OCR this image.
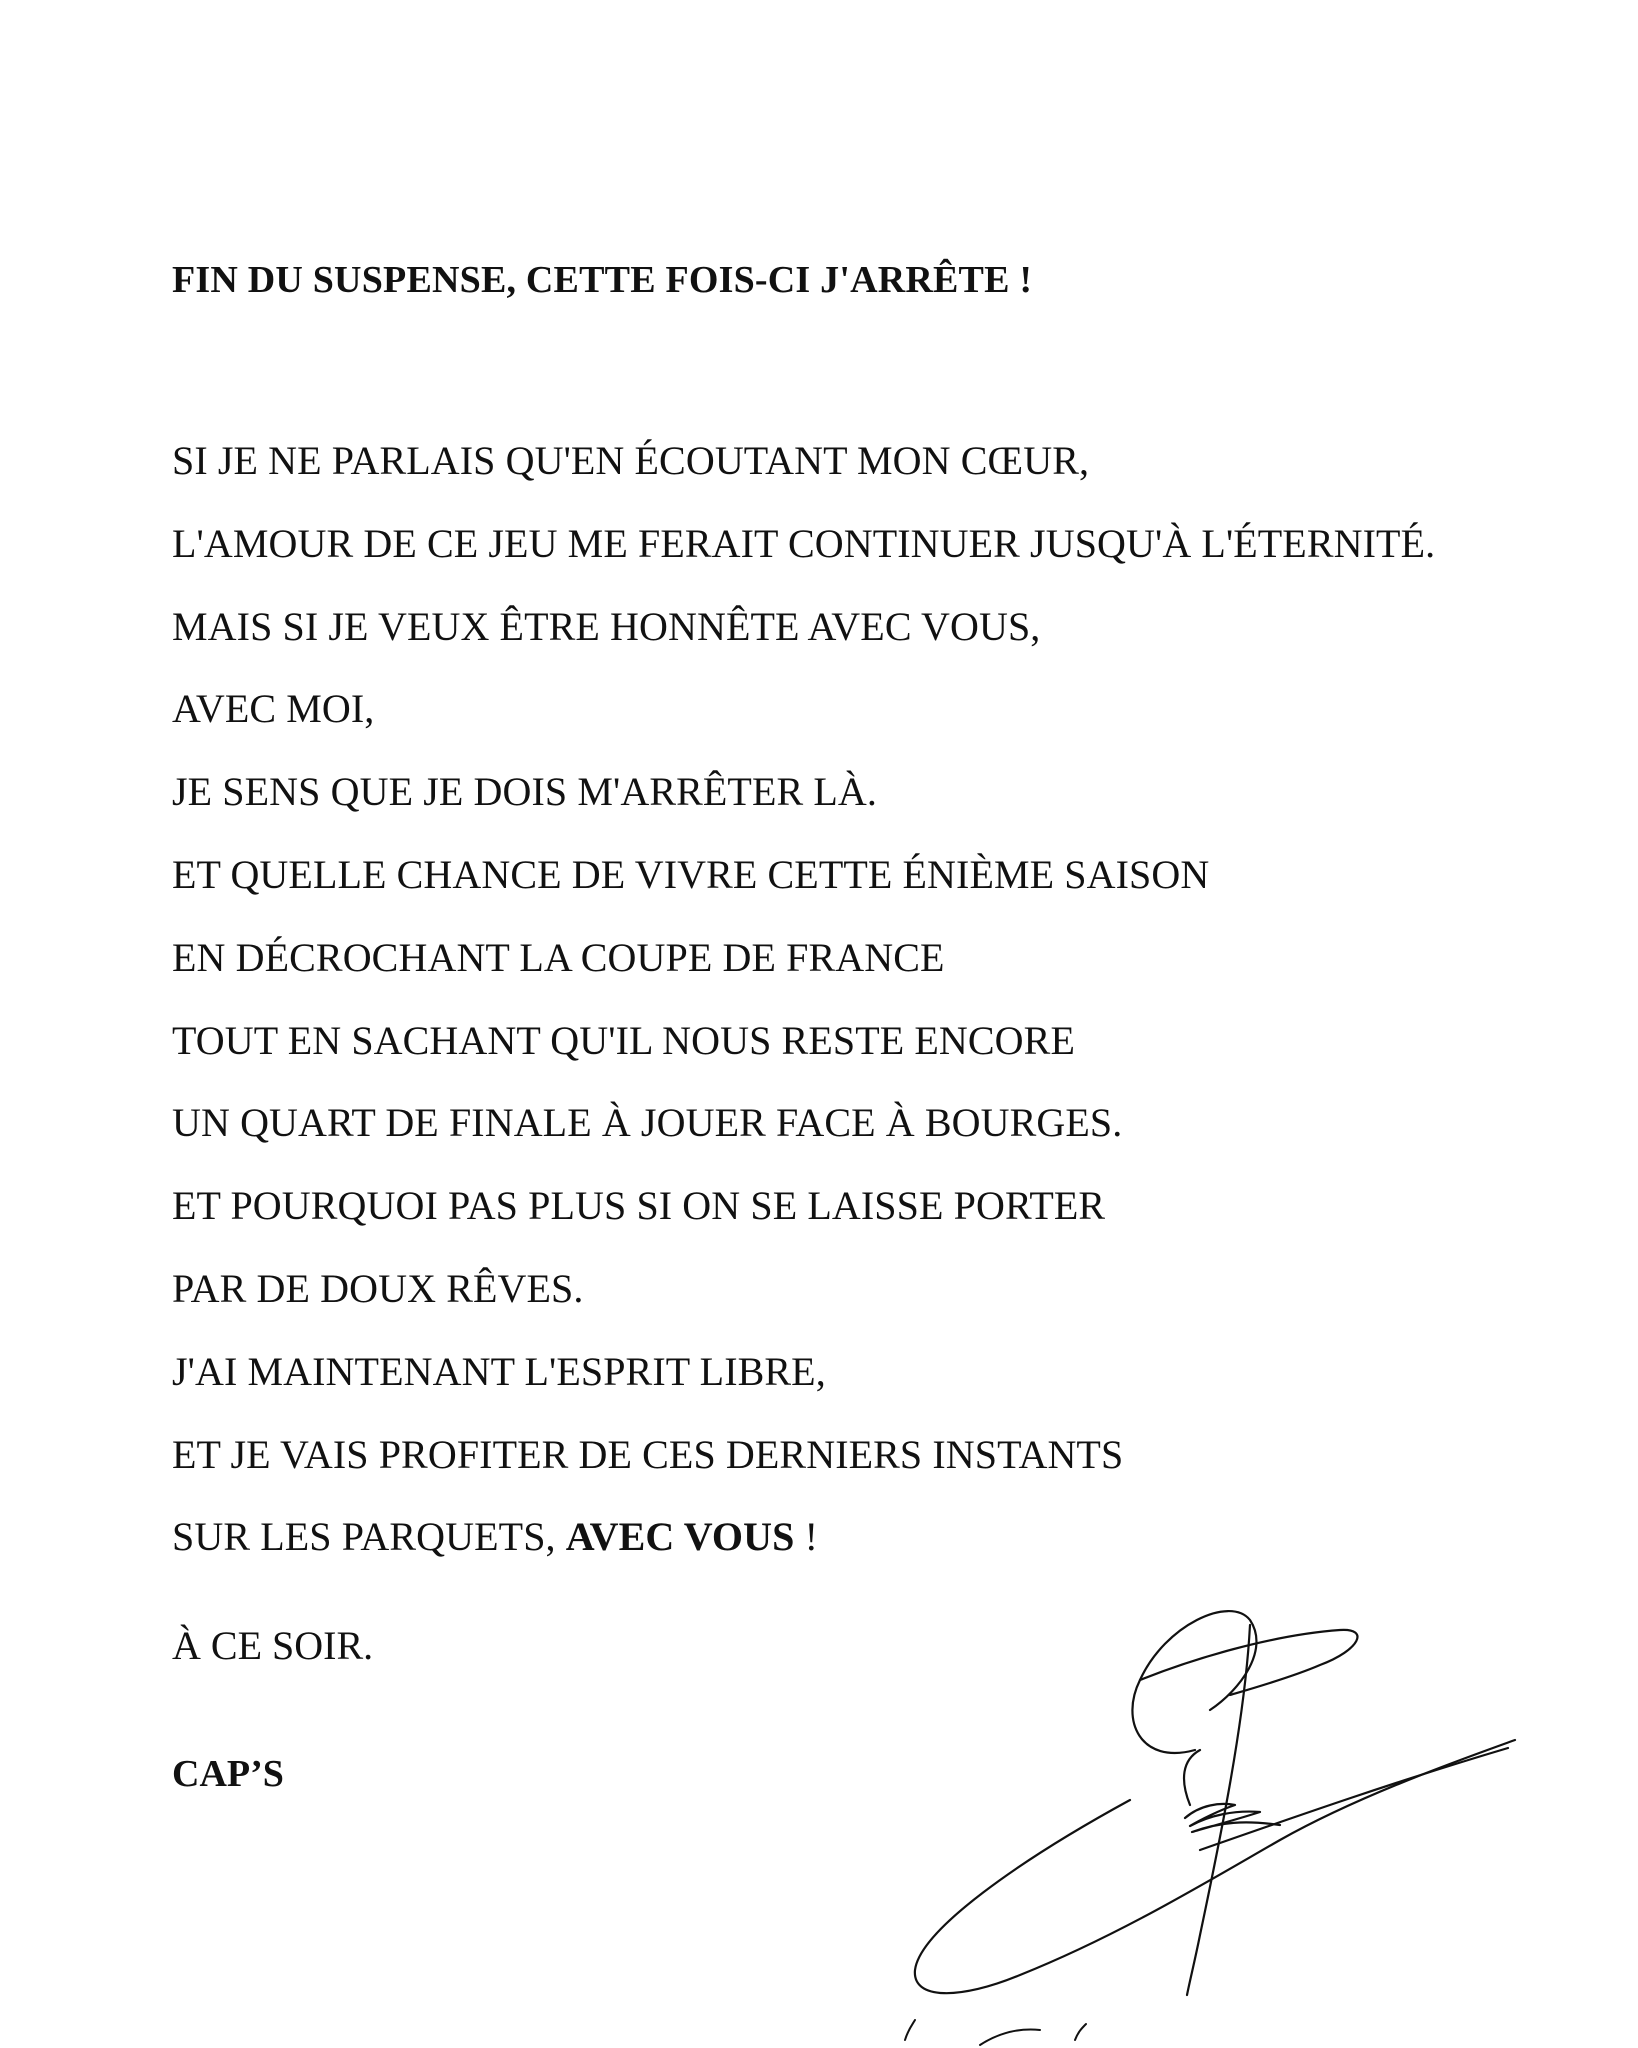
FIN DU SUSPENSE, CETTE FOIS-CI J'ARRÊTE !
SI JE NE PARLAIS QU'EN ÉCOUTANT MON CŒUR,
L'AMOUR DE CE JEU ME FERAIT CONTINUER JUSQU'À L'ÉTERNITÉ.
MAIS SI JE VEUX ÊTRE HONNÊTE AVEC VOUS,
AVEC MOI,
JE SENS QUE JE DOIS M'ARRÊTER LÀ.
ET QUELLE CHANCE DE VIVRE CETTE ÉNIÈME SAISON
EN DÉCROCHANT LA COUPE DE FRANCE
TOUT EN SACHANT QU'IL NOUS RESTE ENCORE
UN QUART DE FINALE À JOUER FACE À BOURGES.
ET POURQUOI PAS PLUS SI ON SE LAISSE PORTER
PAR DE DOUX RÊVES.
J'AI MAINTENANT L'ESPRIT LIBRE,
ET JE VAIS PROFITER DE CES DERNIERS INSTANTS
SUR LES PARQUETS, AVEC VOUS !

À CE SOIR.

CAP’S
